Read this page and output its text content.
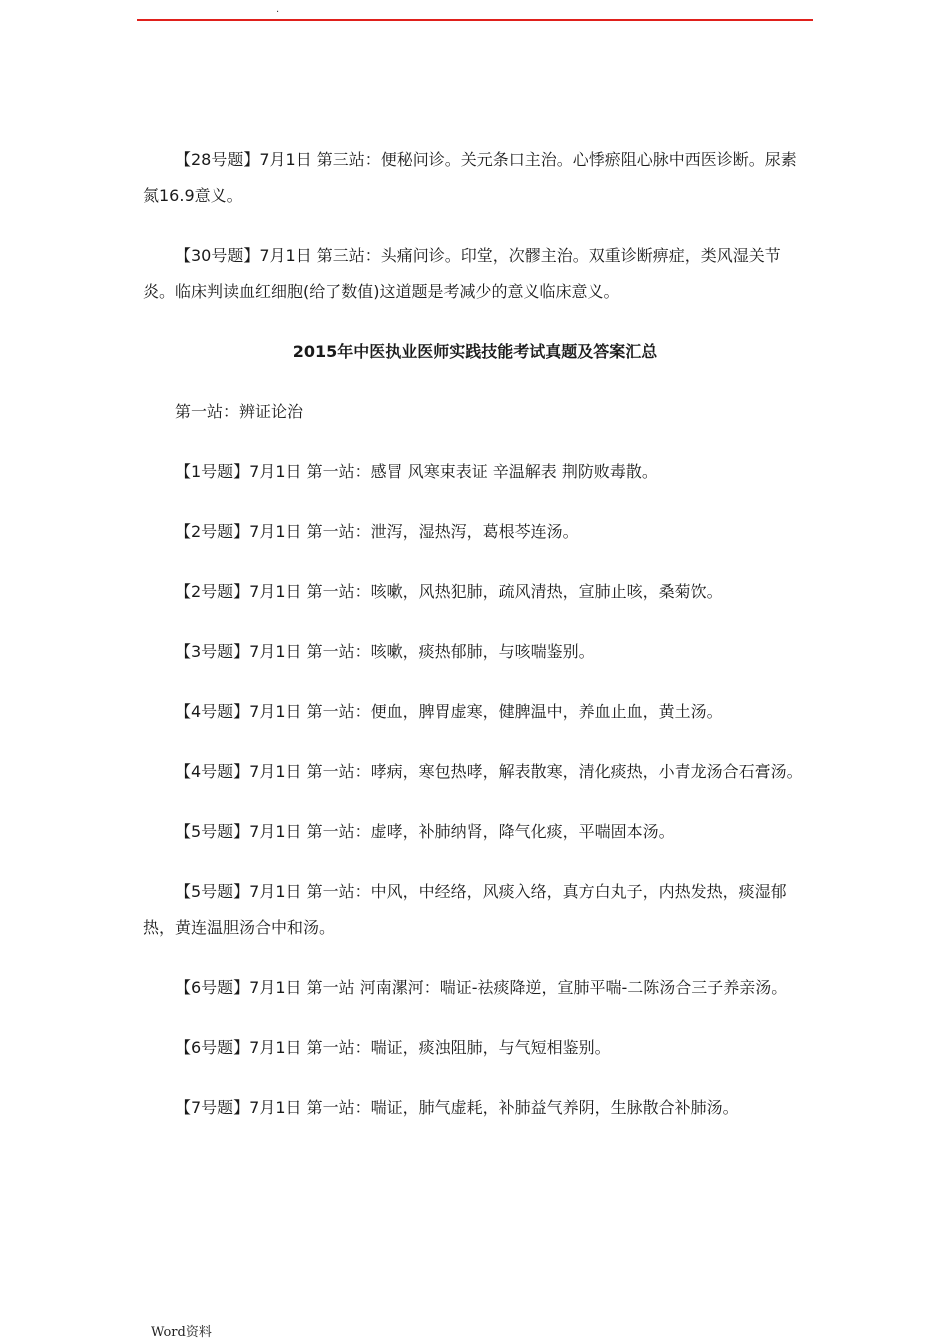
.

【28号题】7月1日 第三站：便秘问诊。关元条口主治。心悸瘀阻心脉中西医诊断。尿素氮16.9意义。

【30号题】7月1日 第三站：头痛问诊。印堂，次髎主治。双重诊断痹症，类风湿关节炎。临床判读血红细胞(给了数值)这道题是考减少的意义临床意义。

2015年中医执业医师实践技能考试真题及答案汇总

第一站：辨证论治

【1号题】7月1日 第一站：感冒 风寒束表证 辛温解表 荆防败毒散。

【2号题】7月1日 第一站：泄泻，湿热泻，葛根芩连汤。

【2号题】7月1日 第一站：咳嗽，风热犯肺，疏风清热，宣肺止咳，桑菊饮。

【3号题】7月1日 第一站：咳嗽，痰热郁肺，与咳喘鉴别。

【4号题】7月1日 第一站：便血，脾胃虚寒，健脾温中，养血止血，黄土汤。

【4号题】7月1日 第一站：哮病，寒包热哮，解表散寒，清化痰热，小青龙汤合石膏汤。

【5号题】7月1日 第一站：虚哮，补肺纳肾，降气化痰，平喘固本汤。

【5号题】7月1日 第一站：中风，中经络，风痰入络，真方白丸子，内热发热，痰湿郁热，黄连温胆汤合中和汤。

【6号题】7月1日 第一站 河南漯河：喘证-祛痰降逆，宣肺平喘-二陈汤合三子养亲汤。

【6号题】7月1日 第一站：喘证，痰浊阻肺，与气短相鉴别。

【7号题】7月1日 第一站：喘证，肺气虚耗，补肺益气养阴，生脉散合补肺汤。

Word资料
